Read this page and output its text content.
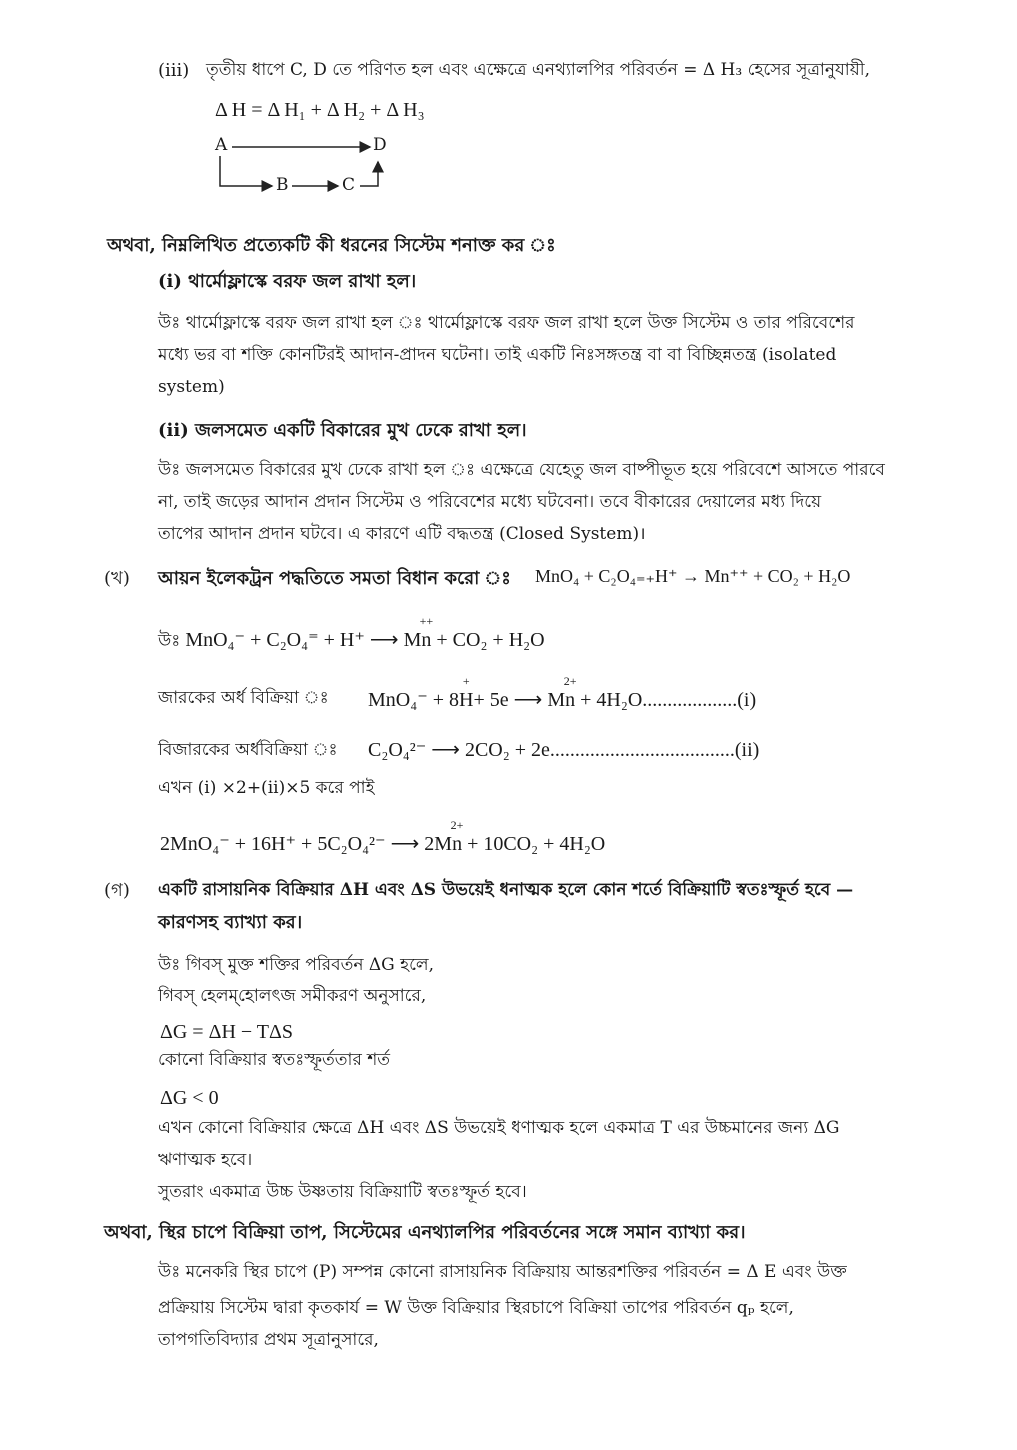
(iii) তৃতীয় ধাপে C, D তে পরিণত হল এবং এক্ষেত্রে এনথ্যালপির পরিবর্তন = Δ H₃ হেসের সূত্রানুযায়ী,
Δ H = Δ H₁ + Δ H₂ + Δ H₃
A	D
B	C
অথবা, নিম্নলিখিত প্রত্যেকটি কী ধরনের সিস্টেম শনাক্ত কর ঃ
(i) থার্মোফ্লাস্কে বরফ জল রাখা হল।
উঃ থার্মোফ্লাস্কে বরফ জল রাখা হল ঃ থার্মোফ্লাস্কে বরফ জল রাখা হলে উক্ত সিস্টেম ও তার পরিবেশের
মধ্যে ভর বা শক্তি কোনটিরই আদান-প্রাদন ঘটেনা। তাই একটি নিঃসঙ্গতন্ত্র বা বা বিচ্ছিন্নতন্ত্র (isolated
system)
(ii) জলসমেত একটি বিকারের মুখ ঢেকে রাখা হল।
উঃ জলসমেত বিকারের মুখ ঢেকে রাখা হল ঃ এক্ষেত্রে যেহেতু জল বাষ্পীভূত হয়ে পরিবেশে আসতে পারবে
না, তাই জড়ের আদান প্রদান সিস্টেম ও পরিবেশের মধ্যে ঘটবেনা। তবে বীকারের দেয়ালের মধ্য দিয়ে
তাপের আদান প্রদান ঘটবে। এ কারণে এটি বদ্ধতন্ত্র (Closed System)।
(খ) আয়ন ইলেকট্রন পদ্ধতিতে সমতা বিধান করো ঃ MnO₄ + C₂O₄₌₊H⁺ → Mn⁺⁺ + CO₂ + H₂O
উঃ MnO₄⁻ + C₂O₄⁼ + H⁺ ⟶ Mn
++
+ CO₂ + H₂O
জারকের অর্ধ বিক্রিয়া ঃ MnO₄⁻ + 8H
+
+ 5e ⟶ Mn
2+
+ 4H₂O...................(i)
বিজারকের অর্ধবিক্রিয়া ঃ C₂O₄²⁻ ⟶ 2CO₂ + 2e.....................................(ii)
এখন (i) ×2+(ii)×5 করে পাই
2MnO₄⁻ + 16H⁺ + 5C₂O₄²⁻ ⟶ 2Mn
2+
+ 10CO₂ + 4H₂O
(গ) একটি রাসায়নিক বিক্রিয়ার ΔH এবং ΔS উভয়েই ধনাত্মক হলে কোন শর্তে বিক্রিয়াটি স্বতঃস্ফূর্ত হবে —
কারণসহ ব্যাখ্যা কর।
উঃ গিবস্ মুক্ত শক্তির পরিবর্তন ΔG হলে,
গিবস্ হেলম্‌হোলৎজ সমীকরণ অনুসারে,
ΔG = ΔH − TΔS
কোনো বিক্রিয়ার স্বতঃস্ফূর্ততার শর্ত
ΔG < 0
এখন কোনো বিক্রিয়ার ক্ষেত্রে ΔH এবং ΔS উভয়েই ধণাত্মক হলে একমাত্র T এর উচ্চমানের জন্য ΔG
ঋণাত্মক হবে।
সুতরাং একমাত্র উচ্চ উষ্ণতায় বিক্রিয়াটি স্বতঃস্ফূর্ত হবে।
অথবা, স্থির চাপে বিক্রিয়া তাপ, সিস্টেমের এনথ্যালপির পরিবর্তনের সঙ্গে সমান ব্যাখ্যা কর।
উঃ মনেকরি স্থির চাপে (P) সম্পন্ন কোনো রাসায়নিক বিক্রিয়ায় আন্তরশক্তির পরিবর্তন = Δ E এবং উক্ত
প্রক্রিয়ায় সিস্টেম দ্বারা কৃতকার্য = W উক্ত বিক্রিয়ার স্থিরচাপে বিক্রিয়া তাপের পরিবর্তন qₚ হলে,
তাপগতিবিদ্যার প্রথম সূত্রানুসারে,
